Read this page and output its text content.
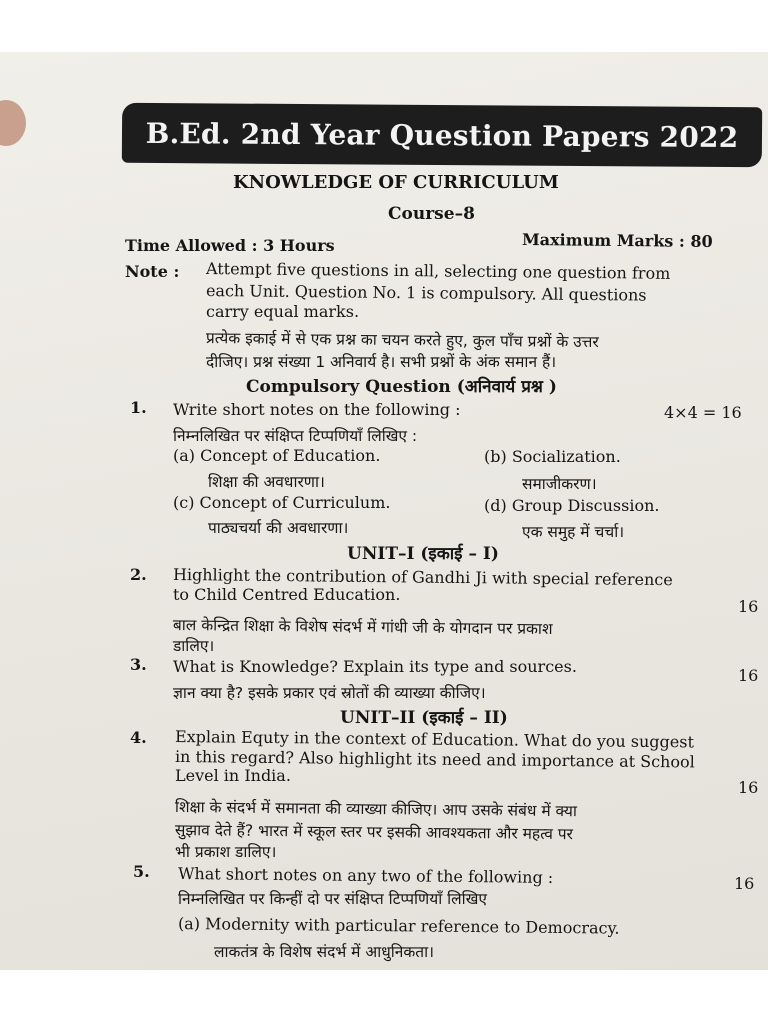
B.Ed. 2nd Year Question Papers 2022
KNOWLEDGE OF CURRICULUM
Course–8
Time Allowed : 3 Hours	Maximum Marks : 80
Note : Attempt five questions in all, selecting one question from
each Unit. Question No. 1 is compulsory. All questions
carry equal marks.
प्रत्येक इकाई में से एक प्रश्न का चयन करते हुए, कुल पाँच प्रश्नों के उत्तर
दीजिए। प्रश्न संख्या 1 अनिवार्य है। सभी प्रश्नों के अंक समान हैं।
Compulsory Question (अनिवार्य प्रश्न )
1. Write short notes on the following :	4×4 = 16
निम्नलिखित पर संक्षिप्त टिप्पणियाँ लिखिए :
(a) Concept of Education.
शिक्षा की अवधारणा।
(b) Socialization.
समाजीकरण।
(c) Concept of Curriculum.
पाठ्यचर्या की अवधारणा।
(d) Group Discussion.
एक समुह में चर्चा।
UNIT–I (इकाई – I)
2. Highlight the contribution of Gandhi Ji with special reference
to Child Centred Education.
16
बाल केन्द्रित शिक्षा के विशेष संदर्भ में गांधी जी के योगदान पर प्रकाश
डालिए।
3. What is Knowledge? Explain its type and sources.	16
ज्ञान क्या है? इसके प्रकार एवं स्रोतों की व्याख्या कीजिए।
UNIT–II (इकाई – II)
4. Explain Equty in the context of Education. What do you suggest
in this regard? Also highlight its need and importance at School
Level in India.
16
शिक्षा के संदर्भ में समानता की व्याख्या कीजिए। आप उसके संबंध में क्या
सुझाव देते हैं? भारत में स्कूल स्तर पर इसकी आवश्यकता और महत्व पर
भी प्रकाश डालिए।
5. What short notes on any two of the following :	16
निम्नलिखित पर किन्हीं दो पर संक्षिप्त टिप्पणियाँ लिखिए
(a) Modernity with particular reference to Democracy.
लाकतंत्र के विशेष संदर्भ में आधुनिकता।
